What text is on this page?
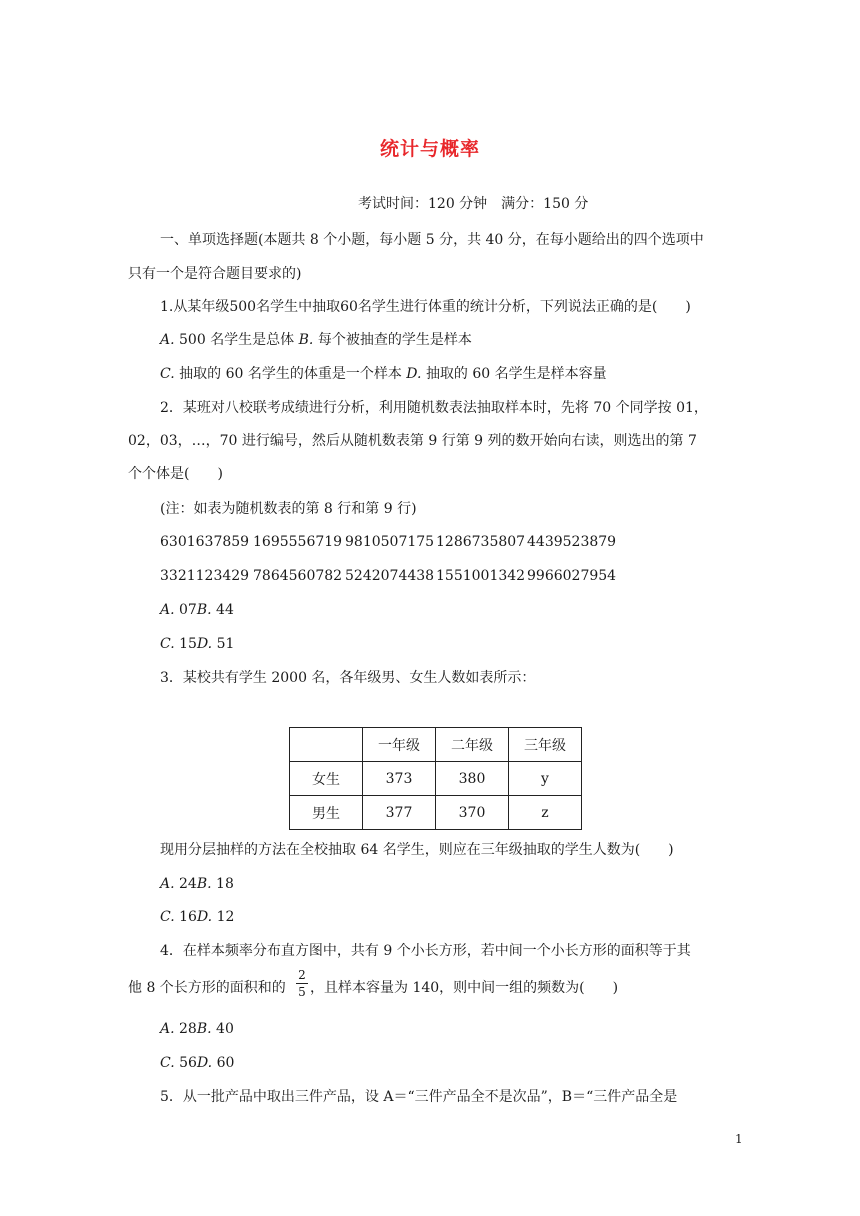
统计与概率
考试时间：120 分钟　满分：150 分
一、单项选择题(本题共 8 个小题，每小题 5 分，共 40 分，在每小题给出的四个选项中
只有一个是符合题目要求的)
1.从某年级500名学生中抽取60名学生进行体重的统计分析，下列说法正确的是(　　)
A. 500 名学生是总体 B. 每个被抽查的学生是样本
C. 抽取的 60 名学生的体重是一个样本 D. 抽取的 60 名学生是样本容量
2．某班对八校联考成绩进行分析，利用随机数表法抽取样本时，先将 70 个同学按 01，
02，03，…，70 进行编号，然后从随机数表第 9 行第 9 列的数开始向右读，则选出的第 7
个个体是(　　)
(注：如表为随机数表的第 8 行和第 9 行)
6301637859 1695556719 9810507175 1286735807 4439523879
3321123429 7864560782 5242074438 1551001342 9966027954
A. 07B. 44
C. 15D. 51
3．某校共有学生 2000 名，各年级男、女生人数如表所示：
	一年级	二年级	三年级
女生	373	380	y
男生	377	370	z
现用分层抽样的方法在全校抽取 64 名学生，则应在三年级抽取的学生人数为(　　)
A. 24B. 18
C. 16D. 12
4．在样本频率分布直方图中，共有 9 个小长方形，若中间一个小长方形的面积等于其
他 8 个长方形的面积和的
2
5 ，且样本容量为 140，则中间一组的频数为(　　)
A. 28B. 40
C. 56D. 60
5．从一批产品中取出三件产品，设 A＝“三件产品全不是次品”，B＝“三件产品全是
1
